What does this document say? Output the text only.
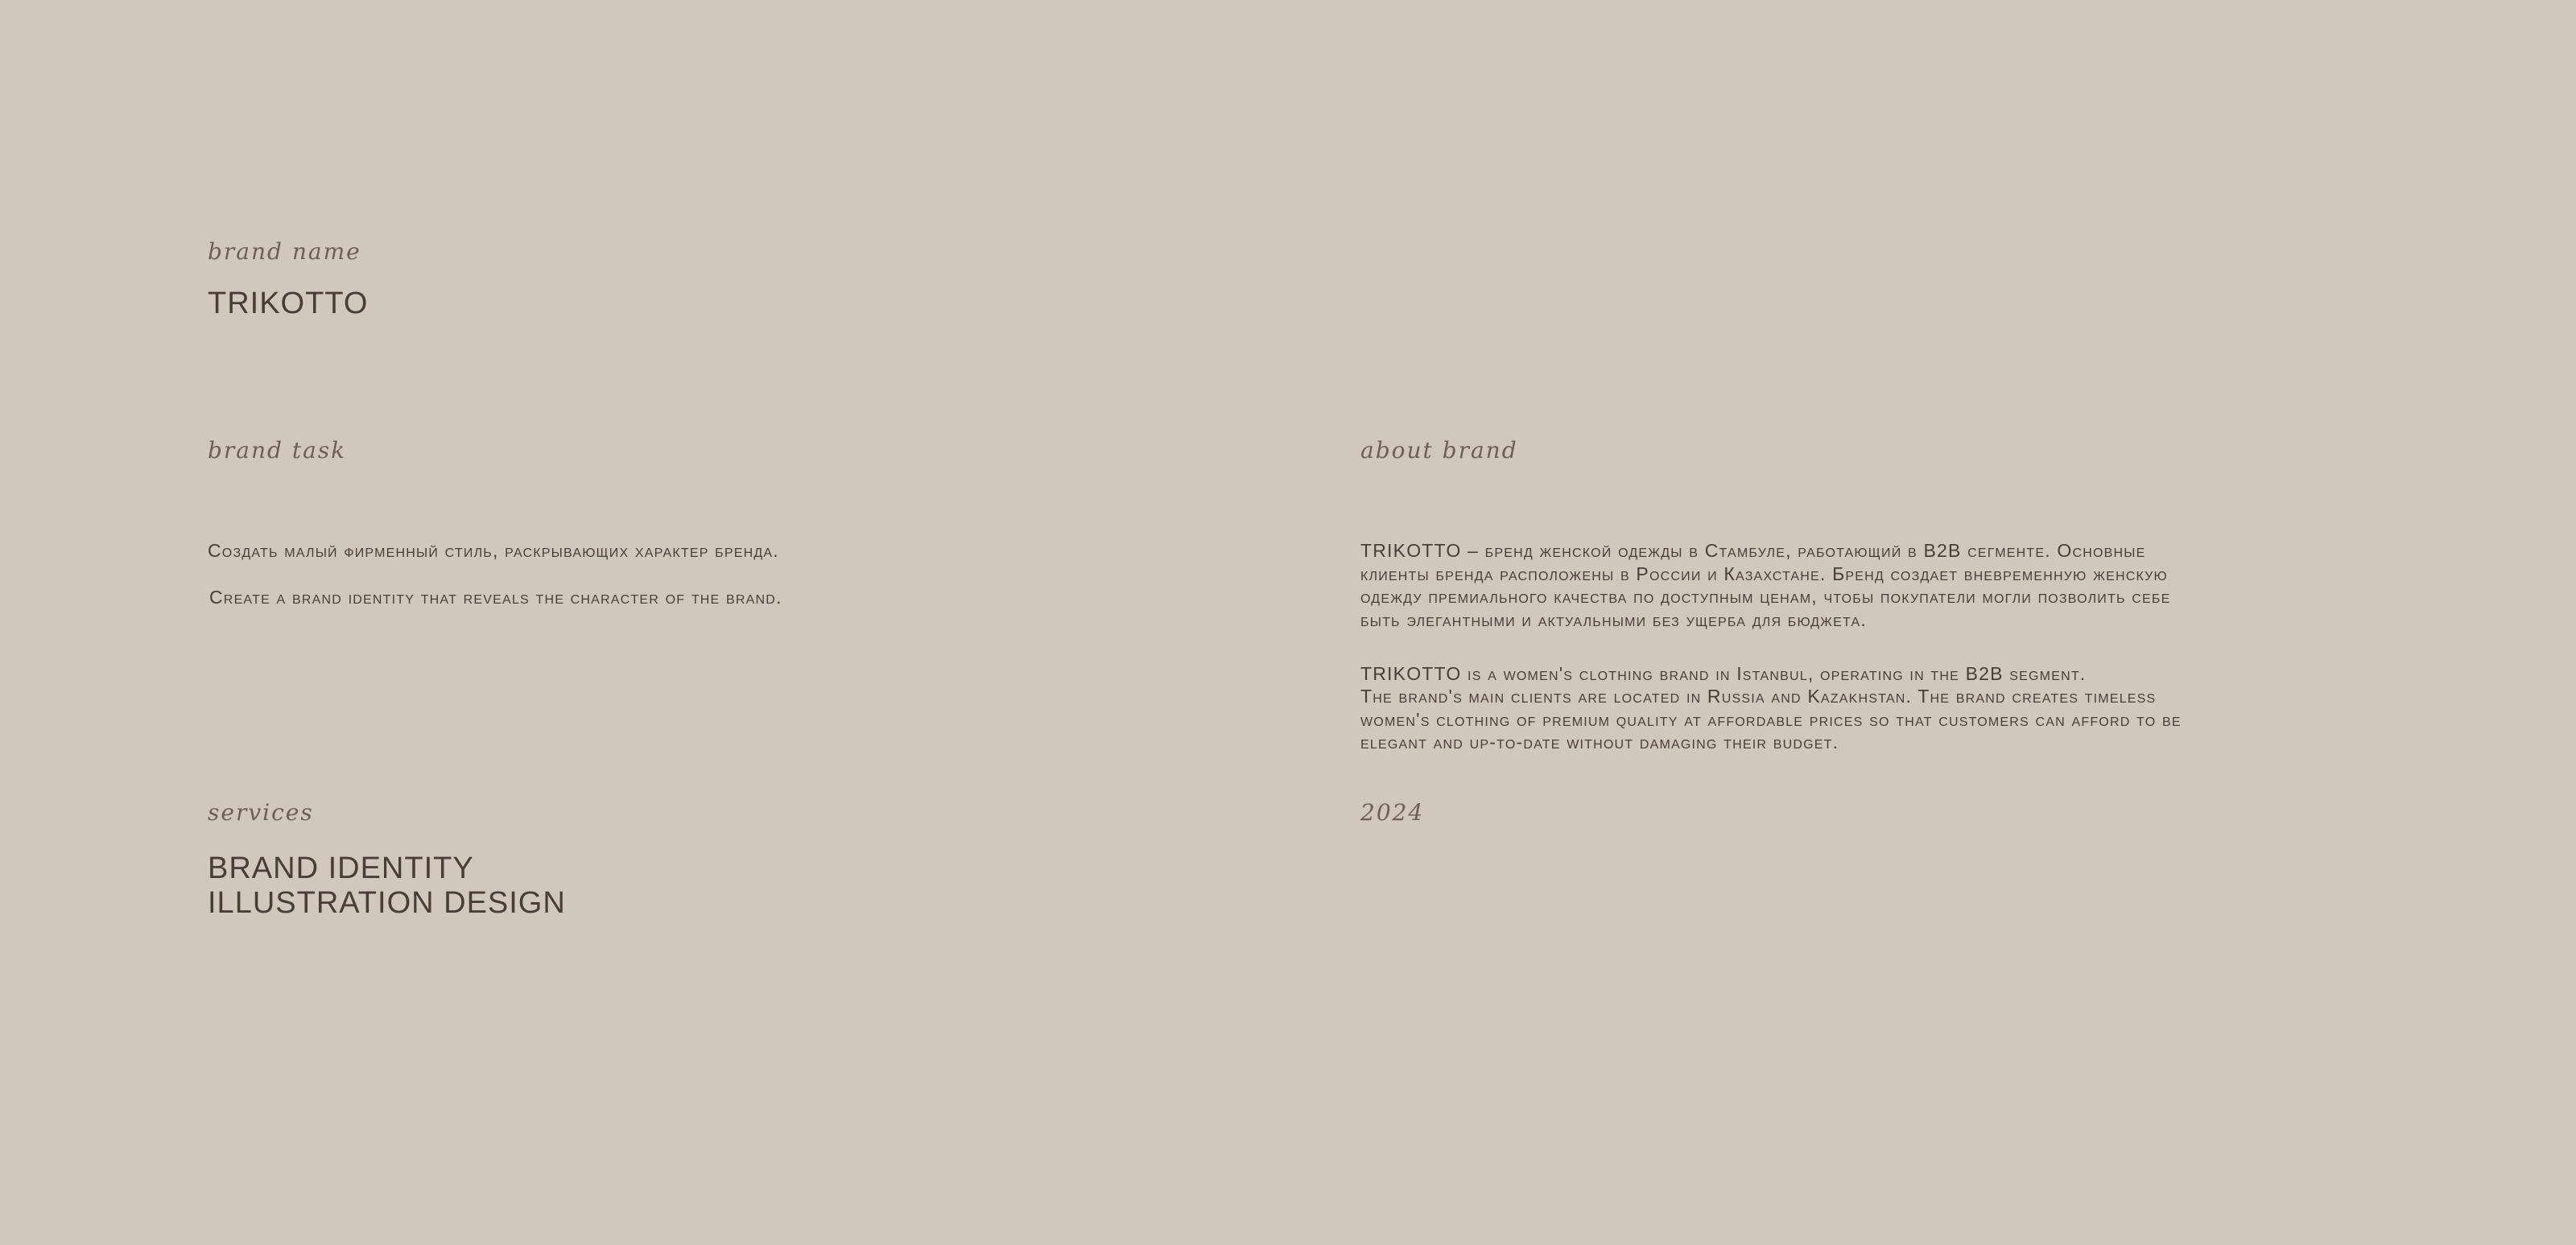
brand name

TRIKOTTO

brand task

Создать малый фирменный стиль, раскрывающих характер бренда.

Create a brand identity that reveals the character of the brand.

about brand

TRIKOTTO – бренд женской одежды в Стамбуле, работающий в B2B сегменте. Основные клиенты бренда расположены в России и Казахстане. Бренд создает вневременную женскую одежду премиального качества по доступным ценам, чтобы покупатели могли позволить себе быть элегантными и актуальными без ущерба для бюджета.

TRIKOTTO is a women's clothing brand in Istanbul, operating in the B2B segment.

The brand's main clients are located in Russia and Kazakhstan. The brand creates timeless women's clothing of premium quality at affordable prices so that customers can afford to be elegant and up-to-date without damaging their budget.

services

BRAND IDENTITY

ILLUSTRATION DESIGN

2024
